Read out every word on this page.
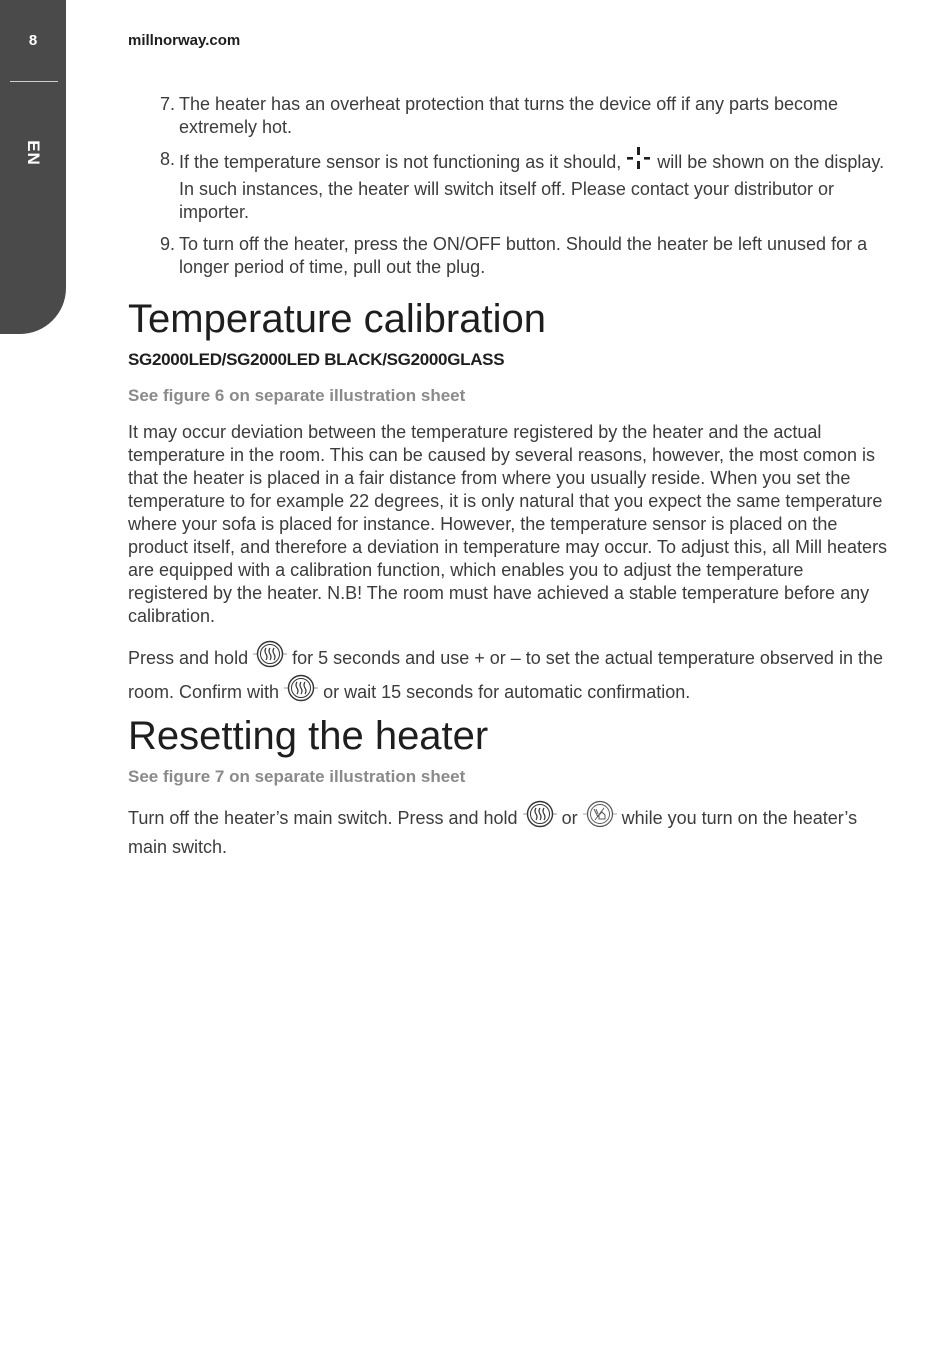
8
EN
millnorway.com
7. The heater has an overheat protection that turns the device off if any parts become extremely hot.
8. If the temperature sensor is not functioning as it should, will be shown on the display. In such instances, the heater will switch itself off. Please contact your distributor or importer.
9. To turn off the heater, press the ON/OFF button. Should the heater be left unused for a longer period of time, pull out the plug.
Temperature calibration
SG2000LED/SG2000LED BLACK/SG2000GLASS
See figure 6 on separate illustration sheet

It may occur deviation between the temperature registered by the heater and the actual temperature in the room. This can be caused by several reasons, however, the most comon is that the heater is placed in a fair distance from where you usually reside. When you set the temperature to for example 22 degrees, it is only natural that you expect the same temperature where your sofa is placed for instance. However, the temperature sensor is placed on the product itself, and therefore a deviation in temperature may occur. To adjust this, all Mill heaters are equipped with a calibration function, which enables you to adjust the temperature registered by the heater. N.B! The room must have achieved a stable temperature before any calibration.

Press and hold for 5 seconds and use + or – to set the actual temperature observed in the room. Confirm with or wait 15 seconds for automatic confirmation.

Resetting the heater
See figure 7 on separate illustration sheet

Turn off the heater’s main switch. Press and hold or while you turn on the heater’s main switch.
